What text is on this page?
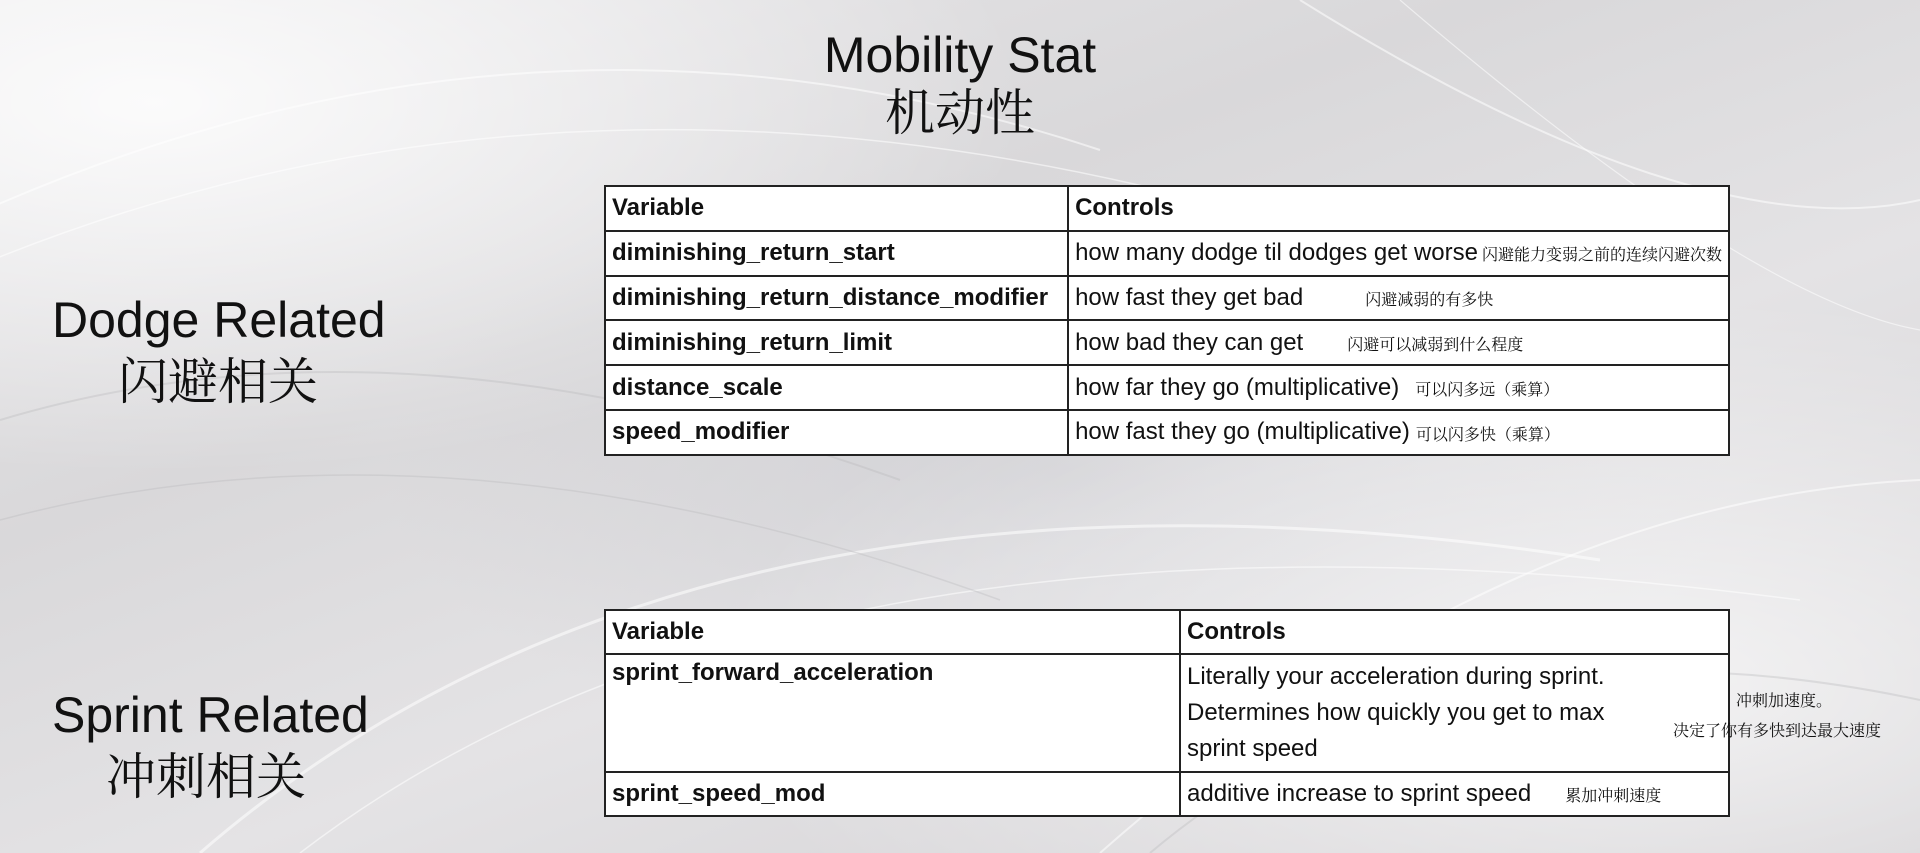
Mobility Stat
机动性
Dodge Related
闪避相关
Variable	Controls
diminishing_return_start	how many dodge til dodges get worse 闪避能力变弱之前的连续闪避次数
diminishing_return_distance_modifier	how fast they get bad 闪避减弱的有多快
diminishing_return_limit	how bad they can get 闪避可以减弱到什么程度
distance_scale	how far they go (multiplicative) 可以闪多远（乘算）
speed_modifier	how fast they go (multiplicative) 可以闪多快（乘算）
Sprint Related
冲刺相关
Variable	Controls
sprint_forward_acceleration	Literally your acceleration during sprint.
Determines how quickly you get to max
sprint speed

sprint_speed_mod	additive increase to sprint speed 累加冲刺速度
冲刺加速度。
决定了你有多快到达最大速度
